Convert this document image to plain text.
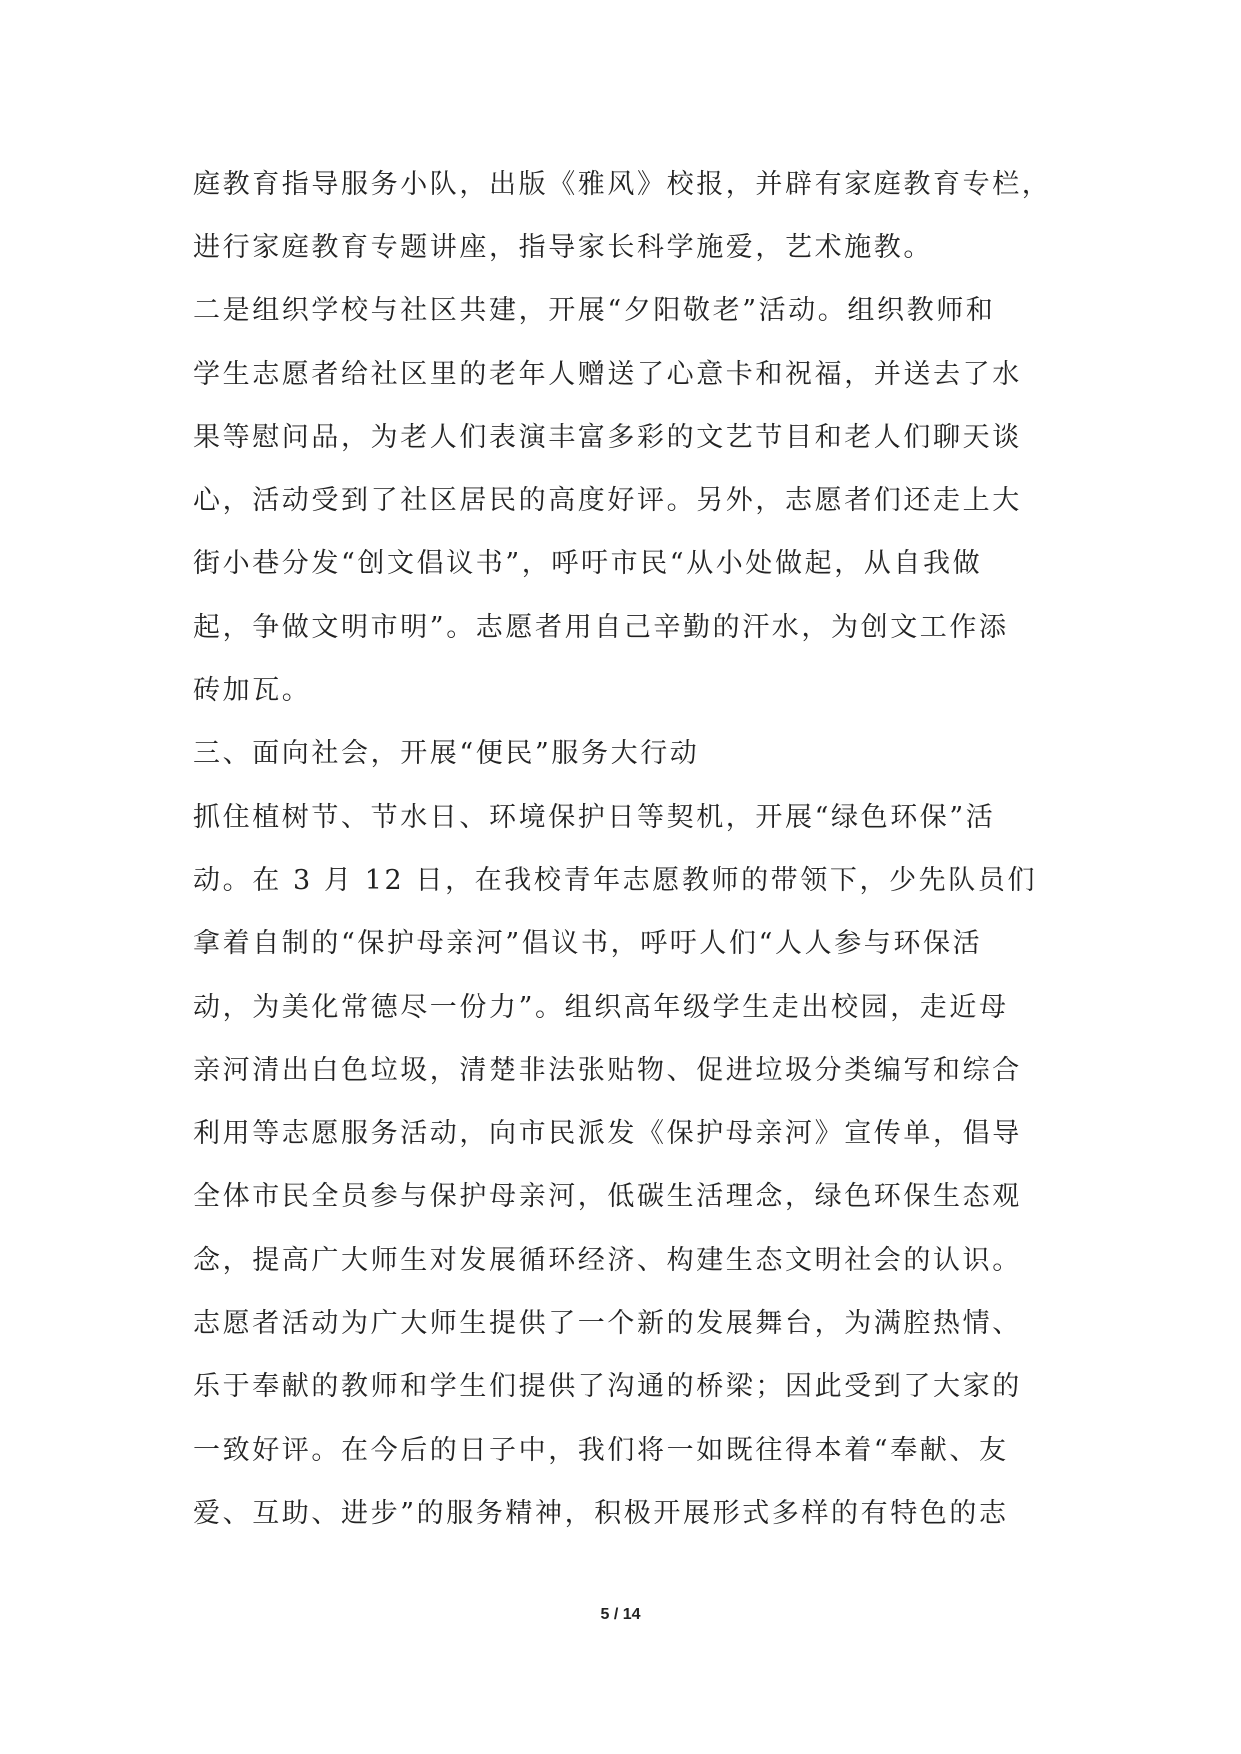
庭教育指导服务小队，出版《雅风》校报，并辟有家庭教育专栏，
进行家庭教育专题讲座，指导家长科学施爱，艺术施教。
二是组织学校与社区共建，开展“夕阳敬老”活动。组织教师和
学生志愿者给社区里的老年人赠送了心意卡和祝福，并送去了水
果等慰问品，为老人们表演丰富多彩的文艺节目和老人们聊天谈
心，活动受到了社区居民的高度好评。另外，志愿者们还走上大
街小巷分发“创文倡议书”，呼吁市民“从小处做起，从自我做
起，争做文明市明”。志愿者用自己辛勤的汗水，为创文工作添
砖加瓦。
三、面向社会，开展“便民”服务大行动
抓住植树节、节水日、环境保护日等契机，开展“绿色环保”活
动。在 3 月 12 日，在我校青年志愿教师的带领下，少先队员们
拿着自制的“保护母亲河”倡议书，呼吁人们“人人参与环保活
动，为美化常德尽一份力”。组织高年级学生走出校园，走近母
亲河清出白色垃圾，清楚非法张贴物、促进垃圾分类编写和综合
利用等志愿服务活动，向市民派发《保护母亲河》宣传单，倡导
全体市民全员参与保护母亲河，低碳生活理念，绿色环保生态观
念，提高广大师生对发展循环经济、构建生态文明社会的认识。
志愿者活动为广大师生提供了一个新的发展舞台，为满腔热情、
乐于奉献的教师和学生们提供了沟通的桥梁；因此受到了大家的
一致好评。在今后的日子中，我们将一如既往得本着“奉献、友
爱、互助、进步”的服务精神，积极开展形式多样的有特色的志
5 / 14
